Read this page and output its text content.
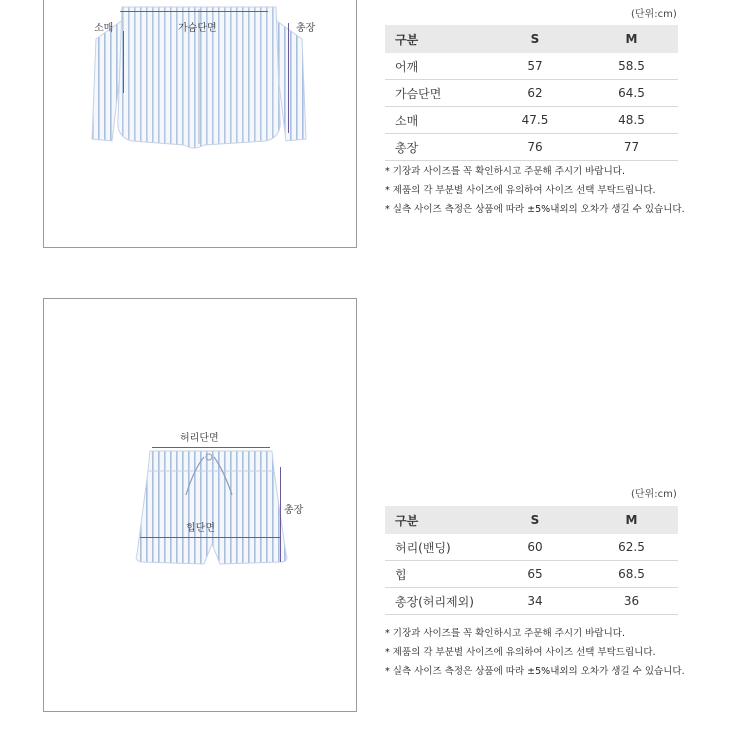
소매	가슴단면	총장
(단위:cm)
구분	S	M
어깨	57	58.5
가슴단면	62	64.5
소매	47.5	48.5
총장	76	77
* 기장과 사이즈를 꼭 확인하시고 주문해 주시기 바랍니다.
* 제품의 각 부분별 사이즈에 유의하여 사이즈 선택 부탁드립니다.
* 실측 사이즈 측정은 상품에 따라 ±5%내외의 오차가 생길 수 있습니다.
허리단면
힙단면
총장
(단위:cm)
구분	S	M
허리(밴딩)	60	62.5
힙	65	68.5
총장(허리제외)	34	36
* 기장과 사이즈를 꼭 확인하시고 주문해 주시기 바랍니다.
* 제품의 각 부분별 사이즈에 유의하여 사이즈 선택 부탁드립니다.
* 실측 사이즈 측정은 상품에 따라 ±5%내외의 오차가 생길 수 있습니다.
